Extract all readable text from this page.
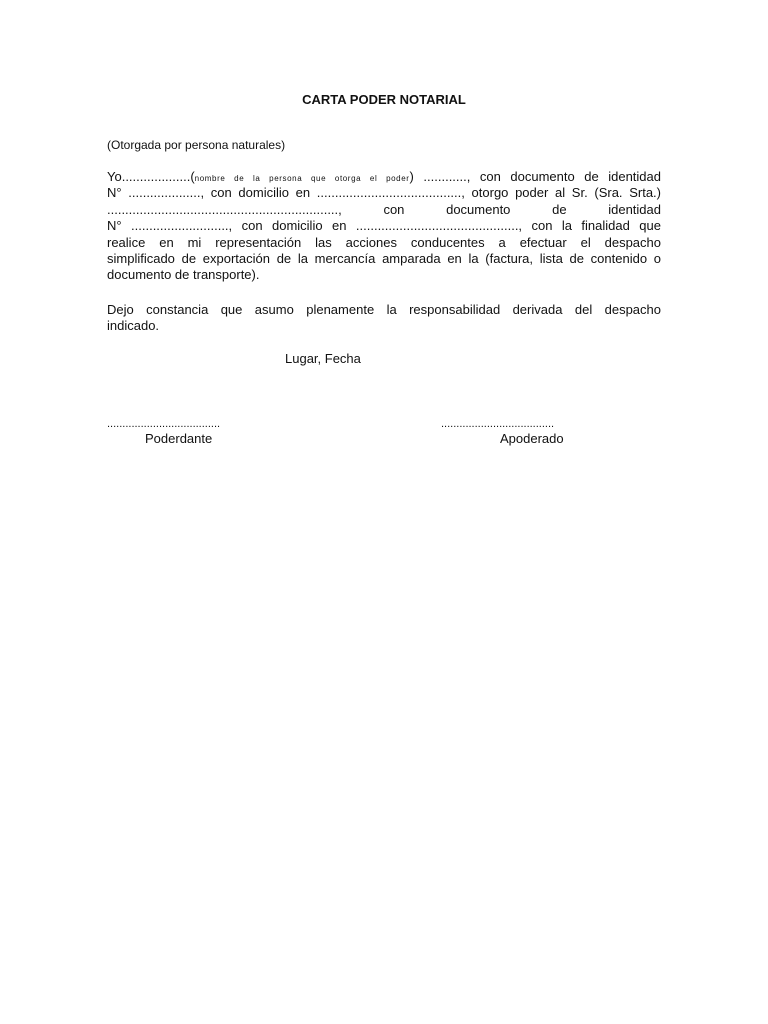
CARTA PODER NOTARIAL
(Otorgada por persona naturales)
Yo...................(nombre de la persona que otorga el poder) ............, con documento de identidad
N° ...................., con domicilio en ........................................, otorgo poder al Sr. (Sra. Srta.)
................................................................, con documento de identidad
N° ..........................., con domicilio en ............................................., con la finalidad que
realice en mi representación las acciones conducentes a efectuar el despacho
simplificado de exportación de la mercancía amparada en la (factura, lista de contenido o
documento de transporte).
Dejo constancia que asumo plenamente la responsabilidad derivada del despacho
indicado.
Lugar, Fecha
.....................................
Poderdante
.....................................
Apoderado
